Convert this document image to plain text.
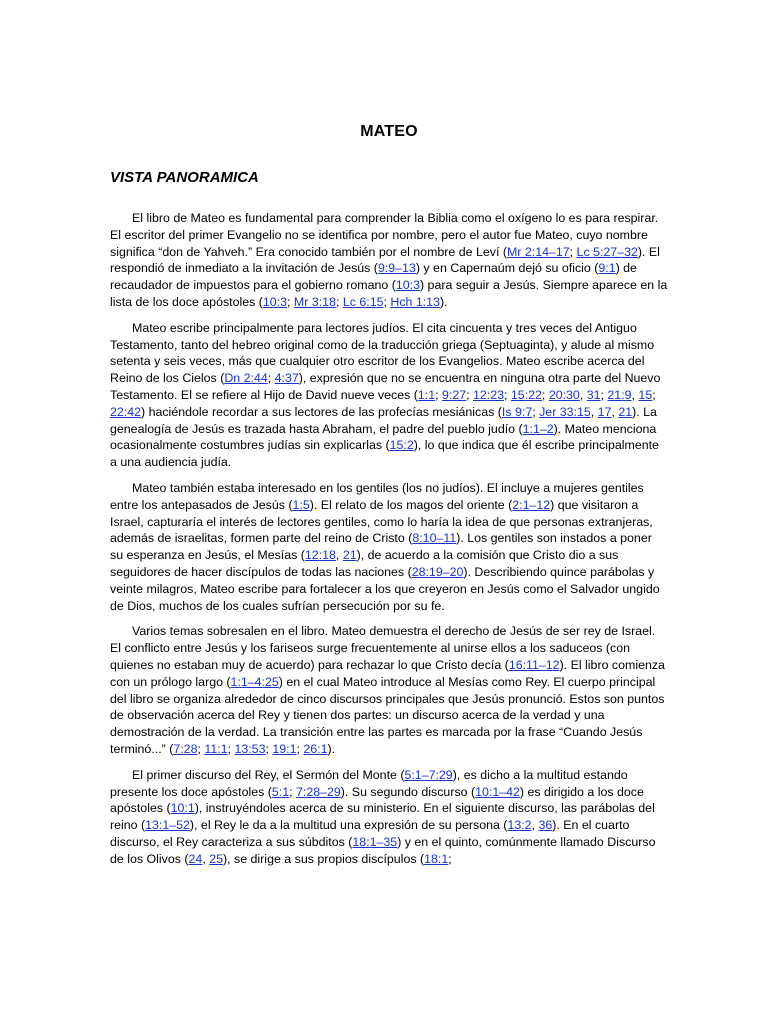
MATEO
VISTA PANORAMICA

El libro de Mateo es fundamental para comprender la Biblia como el oxígeno lo es para respirar. El escritor del primer Evangelio no se identifica por nombre, pero el autor fue Mateo, cuyo nombre significa “don de Yahveh.” Era conocido también por el nombre de Leví (Mr 2:14–17; Lc 5:27–32). El respondió de inmediato a la invitación de Jesús (9:9–13) y en Capernaúm dejó su oficio (9:1) de recaudador de impuestos para el gobierno romano (10:3) para seguir a Jesús. Siempre aparece en la lista de los doce apóstoles (10:3; Mr 3:18; Lc 6:15; Hch 1:13).

Mateo escribe principalmente para lectores judíos. El cita cincuenta y tres veces del Antiguo Testamento, tanto del hebreo original como de la traducción griega (Septuaginta), y alude al mismo setenta y seis veces, más que cualquier otro escritor de los Evangelios. Mateo escribe acerca del Reino de los Cielos (Dn 2:44; 4:37), expresión que no se encuentra en ninguna otra parte del Nuevo Testamento. El se refiere al Hijo de David nueve veces (1:1; 9:27; 12:23; 15:22; 20:30, 31; 21:9, 15; 22:42) haciéndole recordar a sus lectores de las profecías mesiánicas (Is 9:7; Jer 33:15, 17, 21). La genealogía de Jesús es trazada hasta Abraham, el padre del pueblo judío (1:1–2). Mateo menciona ocasionalmente costumbres judías sin explicarlas (15:2), lo que indica que él escribe principalmente a una audiencia judía.

Mateo también estaba interesado en los gentiles (los no judíos). El incluye a mujeres gentiles entre los antepasados de Jesús (1:5). El relato de los magos del oriente (2:1–12) que visitaron a Israel, capturaría el interés de lectores gentiles, como lo haría la idea de que personas extranjeras, además de israelitas, formen parte del reino de Cristo (8:10–11). Los gentiles son instados a poner su esperanza en Jesús, el Mesías (12:18, 21), de acuerdo a la comisión que Cristo dio a sus seguidores de hacer discípulos de todas las naciones (28:19–20). Describiendo quince parábolas y veinte milagros, Mateo escribe para fortalecer a los que creyeron en Jesús como el Salvador ungido de Dios, muchos de los cuales sufrían persecución por su fe.

Varios temas sobresalen en el libro. Mateo demuestra el derecho de Jesús de ser rey de Israel. El conflicto entre Jesús y los fariseos surge frecuentemente al unirse ellos a los saduceos (con quienes no estaban muy de acuerdo) para rechazar lo que Cristo decía (16:11–12). El libro comienza con un prólogo largo (1:1–4:25) en el cual Mateo introduce al Mesías como Rey. El cuerpo principal del libro se organiza alrededor de cinco discursos principales que Jesús pronunció. Estos son puntos de observación acerca del Rey y tienen dos partes: un discurso acerca de la verdad y una demostración de la verdad. La transición entre las partes es marcada por la frase “Cuando Jesús terminó...” (7:28; 11:1; 13:53; 19:1; 26:1).

El primer discurso del Rey, el Sermón del Monte (5:1–7:29), es dicho a la multitud estando presente los doce apóstoles (5:1; 7:28–29). Su segundo discurso (10:1–42) es dirigido a los doce apóstoles (10:1), instruyéndoles acerca de su ministerio. En el siguiente discurso, las parábolas del reino (13:1–52), el Rey le da a la multitud una expresión de su persona (13:2, 36). En el cuarto discurso, el Rey caracteriza a sus súbditos (18:1–35) y en el quinto, comúnmente llamado Discurso de los Olivos (24, 25), se dirige a sus propios discípulos (18:1;
